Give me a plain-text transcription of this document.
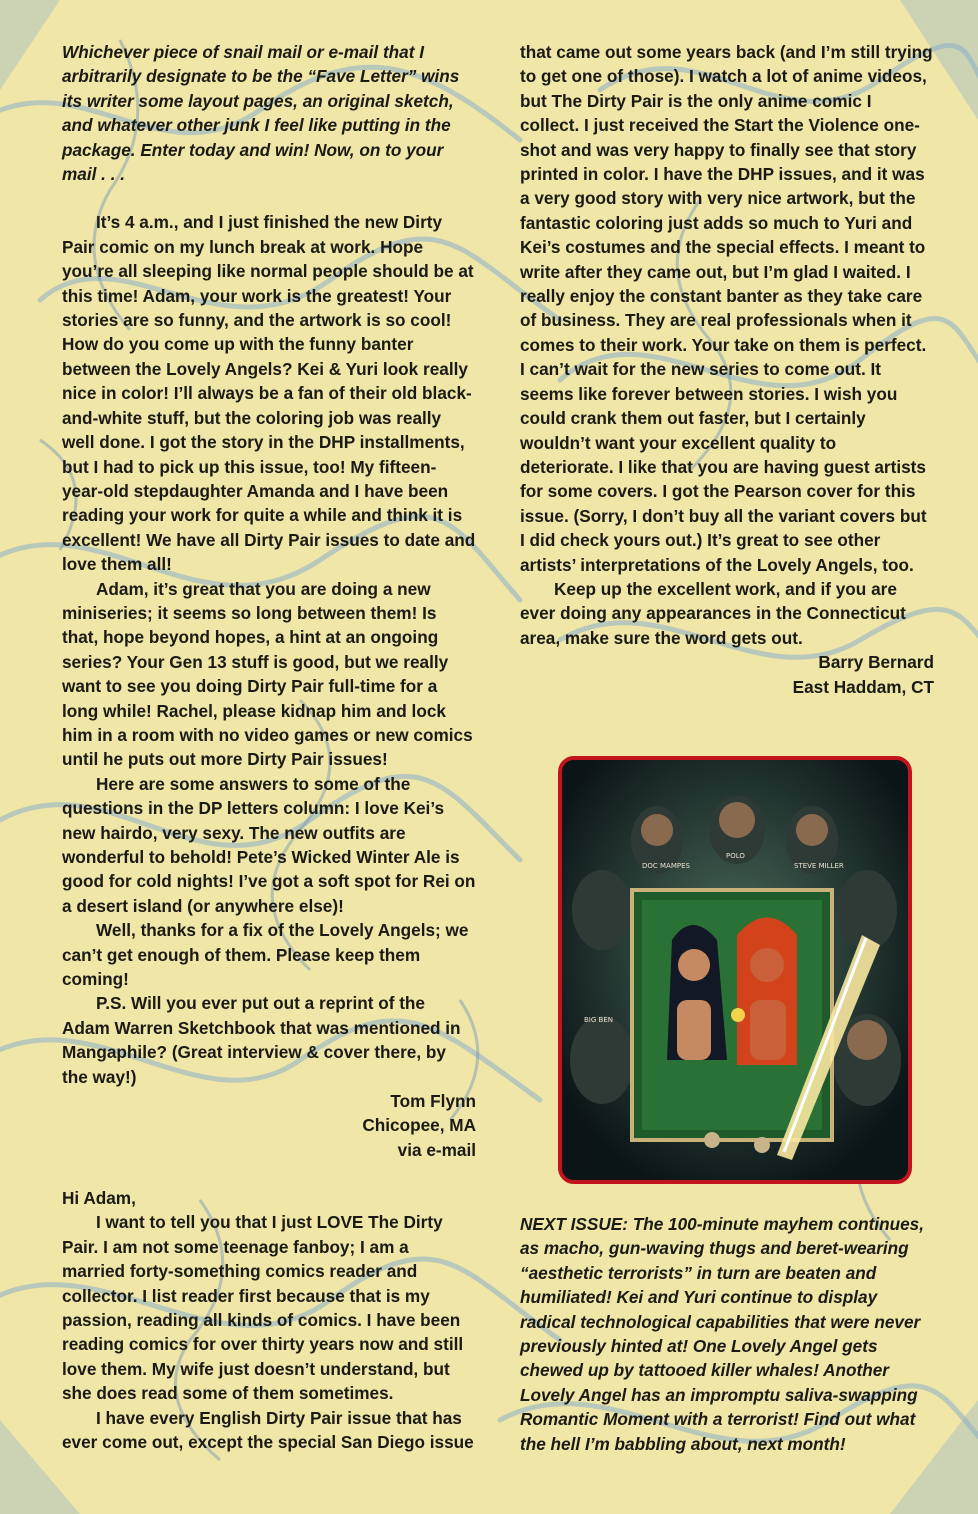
Whichever piece of snail mail or e-mail that I arbitrarily designate to be the “Fave Letter” wins its writer some layout pages, an original sketch, and whatever other junk I feel like putting in the package. Enter today and win! Now, on to your mail . . .

It’s 4 a.m., and I just finished the new Dirty Pair comic on my lunch break at work. Hope you’re all sleeping like normal people should be at this time! Adam, your work is the greatest! Your stories are so funny, and the artwork is so cool! How do you come up with the funny banter between the Lovely Angels? Kei & Yuri look really nice in color! I’ll always be a fan of their old black-and-white stuff, but the coloring job was really well done. I got the story in the DHP installments, but I had to pick up this issue, too! My fifteen-year-old stepdaughter Amanda and I have been reading your work for quite a while and think it is excellent! We have all Dirty Pair issues to date and love them all!

Adam, it’s great that you are doing a new miniseries; it seems so long between them! Is that, hope beyond hopes, a hint at an ongoing series? Your Gen 13 stuff is good, but we really want to see you doing Dirty Pair full-time for a long while! Rachel, please kidnap him and lock him in a room with no video games or new comics until he puts out more Dirty Pair issues!

Here are some answers to some of the questions in the DP letters column: I love Kei’s new hairdo, very sexy. The new outfits are wonderful to behold! Pete’s Wicked Winter Ale is good for cold nights! I’ve got a soft spot for Rei on a desert island (or anywhere else)!

Well, thanks for a fix of the Lovely Angels; we can’t get enough of them. Please keep them coming!

P.S. Will you ever put out a reprint of the Adam Warren Sketchbook that was mentioned in Mangaphile? (Great interview & cover there, by the way!)

Tom Flynn
Chicopee, MA
via e-mail

Hi Adam,

I want to tell you that I just LOVE The Dirty Pair. I am not some teenage fanboy; I am a married forty-something comics reader and collector. I list reader first because that is my passion, reading all kinds of comics. I have been reading comics for over thirty years now and still love them. My wife just doesn’t understand, but she does read some of them sometimes.

I have every English Dirty Pair issue that has ever come out, except the special San Diego issue

that came out some years back (and I’m still trying to get one of those). I watch a lot of anime videos, but The Dirty Pair is the only anime comic I collect. I just received the Start the Violence one-shot and was very happy to finally see that story printed in color. I have the DHP issues, and it was a very good story with very nice artwork, but the fantastic coloring just adds so much to Yuri and Kei’s costumes and the special effects. I meant to write after they came out, but I’m glad I waited. I really enjoy the constant banter as they take care of business. They are real professionals when it comes to their work. Your take on them is perfect. I can’t wait for the new series to come out. It seems like forever between stories. I wish you could crank them out faster, but I certainly wouldn’t want your excellent quality to deteriorate. I like that you are having guest artists for some covers. I got the Pearson cover for this issue. (Sorry, I don’t buy all the variant covers but I did check yours out.) It’s great to see other artists’ interpretations of the Lovely Angels, too.

Keep up the excellent work, and if you are ever doing any appearances in the Connecticut area, make sure the word gets out.

Barry Bernard
East Haddam, CT
DOC MAMPES	STEVE MILLER
POLO
BIG BEN

NEXT ISSUE: The 100-minute mayhem continues, as macho, gun-waving thugs and beret-wearing “aesthetic terrorists” in turn are beaten and humiliated! Kei and Yuri continue to display radical technological capabilities that were never previously hinted at! One Lovely Angel gets chewed up by tattooed killer whales! Another Lovely Angel has an impromptu saliva-swapping Romantic Moment with a terrorist! Find out what the hell I’m babbling about, next month!
